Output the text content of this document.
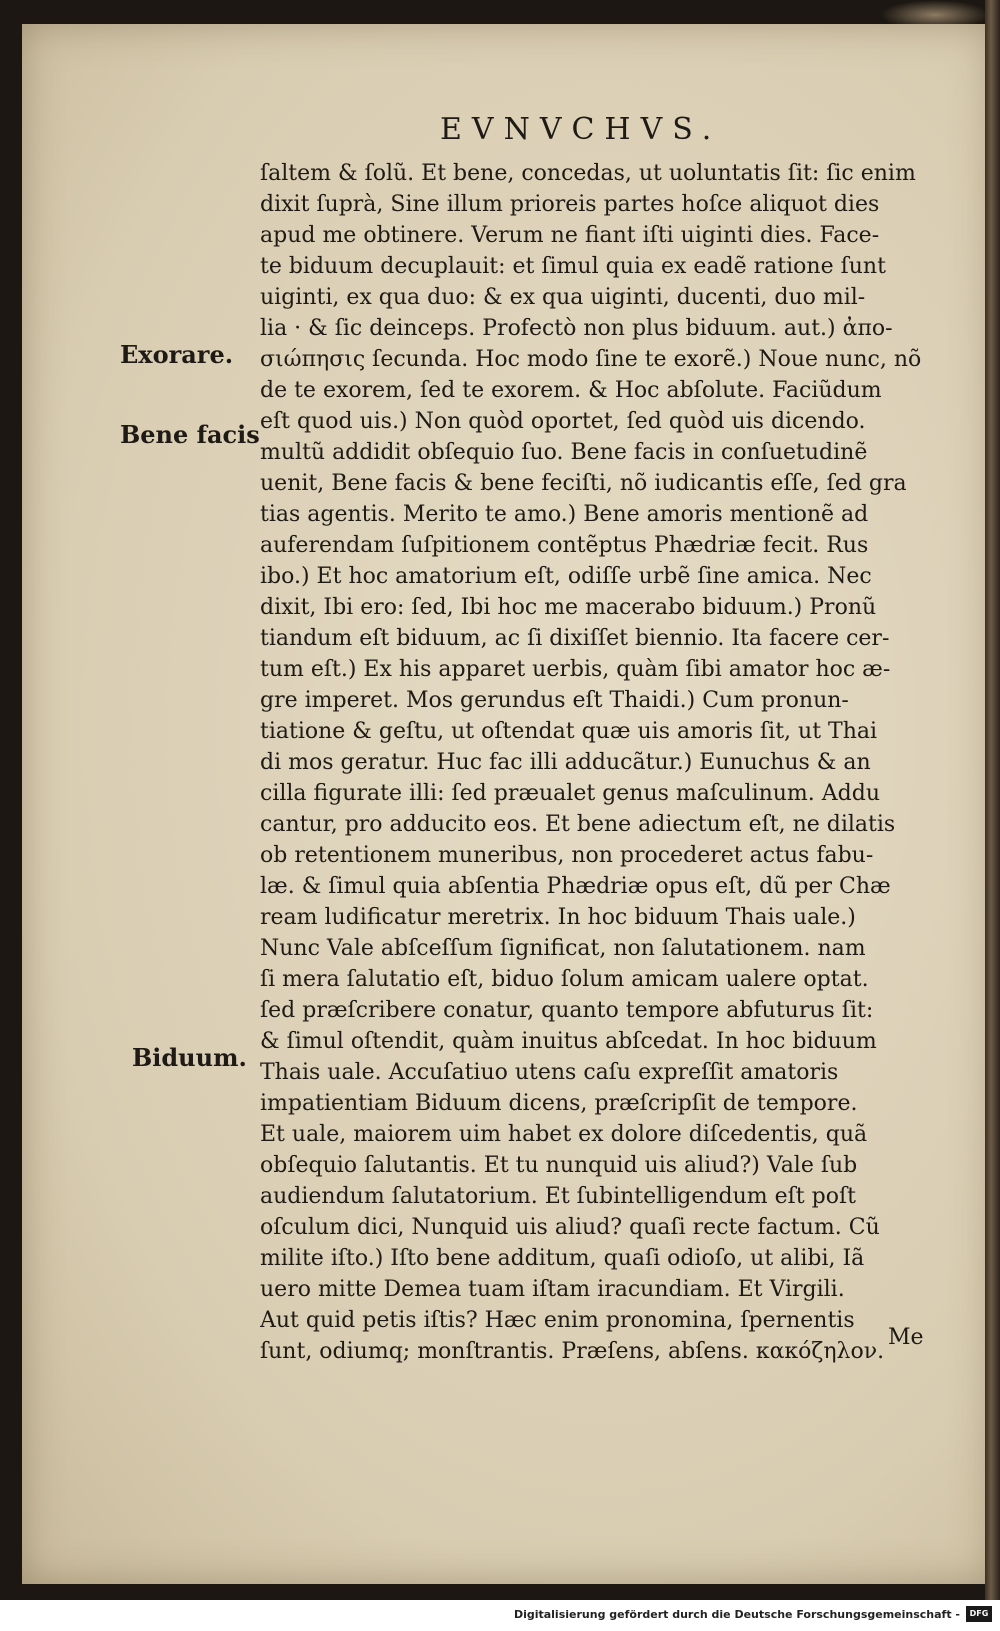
EVNVCHVS.
Exorare.
Bene facis
Biduum.
ſaltem & ſolũ. Et bene, concedas, ut uoluntatis ſit: ſic enim
dixit ſuprà, Sine illum prioreis partes hoſce aliquot dies
apud me obtinere. Verum ne fiant iſti uiginti dies. Face-
te biduum decuplauit: et ſimul quia ex eadẽ ratione ſunt
uiginti, ex qua duo: & ex qua uiginti, ducenti, duo mil-
lia · & ſic deinceps. Profectò non plus biduum. aut.) ἀπο-
σιώπησις ſecunda. Hoc modo ſine te exorẽ.) Noue nunc, nõ
de te exorem, ſed te exorem. & Hoc abſolute. Faciũdum
eſt quod uis.) Non quòd oportet, ſed quòd uis dicendo.
multũ addidit obſequio ſuo. Bene facis in conſuetudinẽ
uenit, Bene facis & bene feciſti, nõ iudicantis eſſe, ſed gra
tias agentis. Merito te amo.) Bene amoris mentionẽ ad
auferendam ſuſpitionem contẽptus Phædriæ fecit. Rus
ibo.) Et hoc amatorium eſt, odiſſe urbẽ ſine amica. Nec
dixit, Ibi ero: ſed, Ibi hoc me macerabo biduum.) Pronũ
tiandum eſt biduum, ac ſi dixiſſet biennio. Ita facere cer-
tum eſt.) Ex his apparet uerbis, quàm ſibi amator hoc æ-
gre imperet. Mos gerundus eſt Thaidi.) Cum pronun-
tiatione & geſtu, ut oſtendat quæ uis amoris ſit, ut Thai
di mos geratur. Huc fac illi adducãtur.) Eunuchus & an
cilla figurate illi: ſed præualet genus maſculinum. Addu
cantur, pro adducito eos. Et bene adiectum eſt, ne dilatis
ob retentionem muneribus, non procederet actus fabu-
læ. & ſimul quia abſentia Phædriæ opus eſt, dũ per Chæ
ream ludificatur meretrix. In hoc biduum Thais uale.)
Nunc Vale abſceſſum ſignificat, non ſalutationem. nam
ſi mera ſalutatio eſt, biduo ſolum amicam ualere optat.
ſed præſcribere conatur, quanto tempore abfuturus ſit:
& ſimul oſtendit, quàm inuitus abſcedat. In hoc biduum
Thais uale. Accuſatiuo utens caſu expreſſit amatoris
impatientiam Biduum dicens, præſcripſit de tempore.
Et uale, maiorem uim habet ex dolore diſcedentis, quã
obſequio ſalutantis. Et tu nunquid uis aliud?) Vale ſub
audiendum ſalutatorium. Et ſubintelligendum eſt poſt
oſculum dici, Nunquid uis aliud? quaſi recte factum. Cũ
milite iſto.) Iſto bene additum, quaſi odioſo, ut alibi, Iã
uero mitte Demea tuam iſtam iracundiam. Et Virgili.
Aut quid petis iſtis? Hæc enim pronomina, ſpernentis
ſunt, odiumq; monſtrantis. Præſens, abſens. κακόζηλον.
Me
Digitalisierung gefördert durch die Deutsche Forschungsgemeinschaft -	DFG
